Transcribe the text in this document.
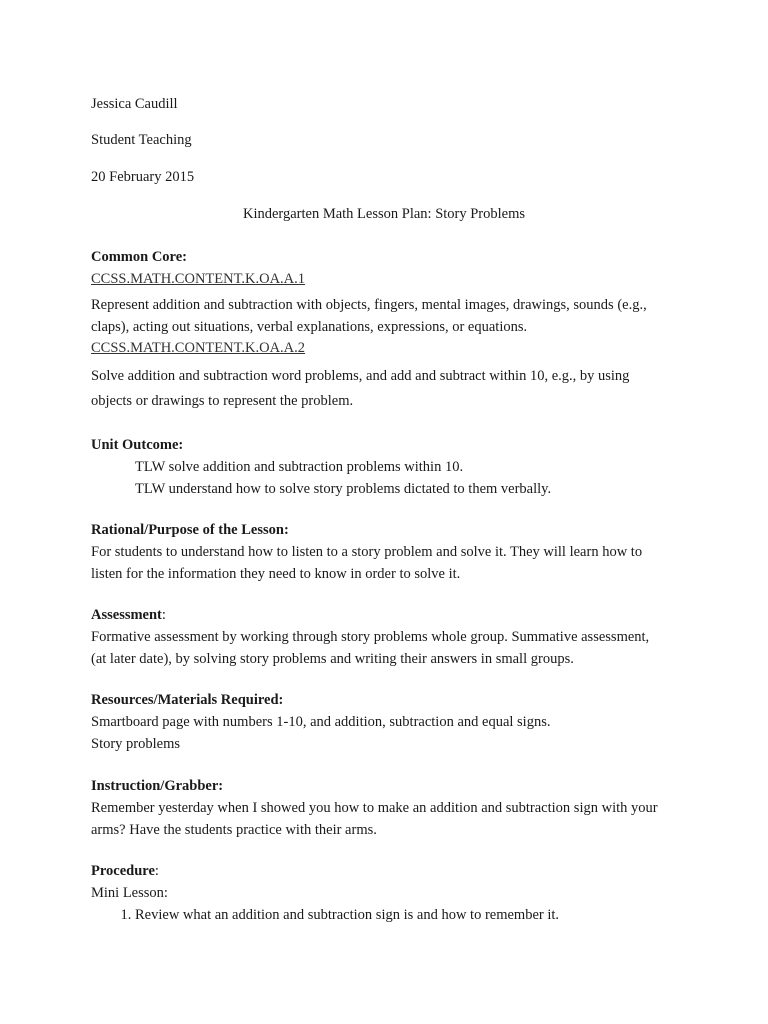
Jessica Caudill
Student Teaching
20 February 2015
Kindergarten Math Lesson Plan: Story Problems
Common Core:
CCSS.MATH.CONTENT.K.OA.A.1
Represent addition and subtraction with objects, fingers, mental images, drawings, sounds (e.g., claps), acting out situations, verbal explanations, expressions, or equations.
CCSS.MATH.CONTENT.K.OA.A.2
Solve addition and subtraction word problems, and add and subtract within 10, e.g., by using objects or drawings to represent the problem.
Unit Outcome:
TLW solve addition and subtraction problems within 10.
TLW understand how to solve story problems dictated to them verbally.
Rational/Purpose of the Lesson:
For students to understand how to listen to a story problem and solve it. They will learn how to listen for the information they need to know in order to solve it.
Assessment:
Formative assessment by working through story problems whole group. Summative assessment, (at later date), by solving story problems and writing their answers in small groups.
Resources/Materials Required:
Smartboard page with numbers 1-10, and addition, subtraction and equal signs.
Story problems
Instruction/Grabber:
Remember yesterday when I showed you how to make an addition and subtraction sign with your arms? Have the students practice with their arms.
Procedure:
Mini Lesson:
1. Review what an addition and subtraction sign is and how to remember it.
